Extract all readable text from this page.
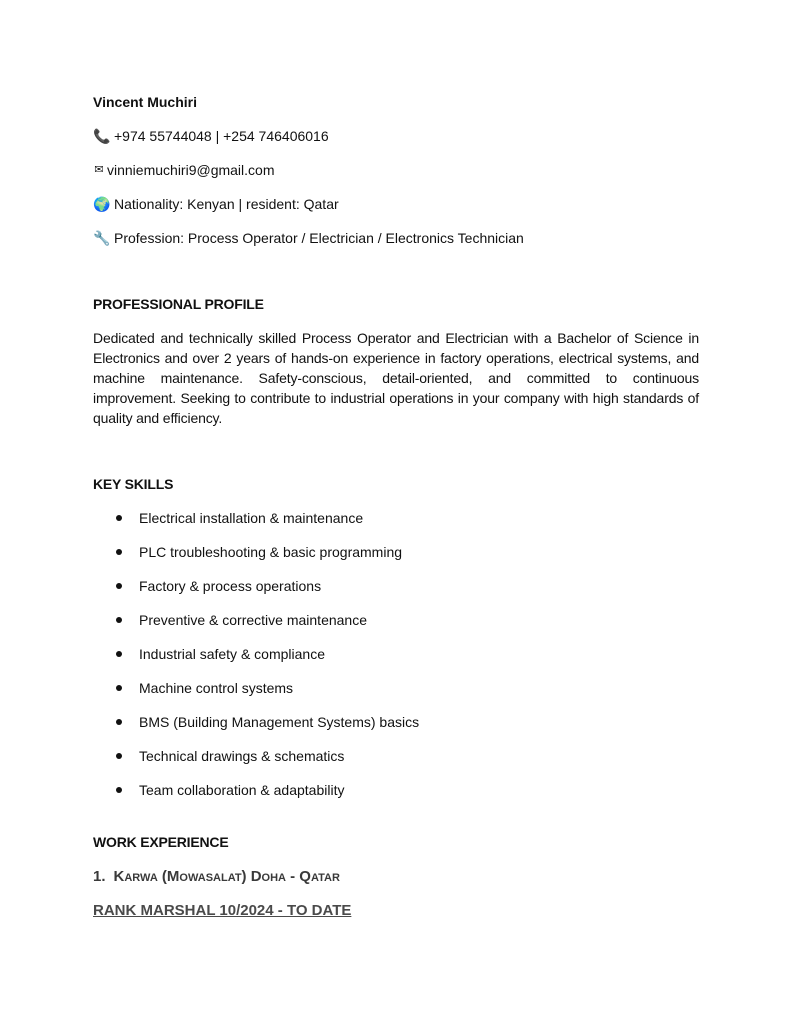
Vincent Muchiri
📞 +974 55744048 | +254 746406016
✉ vinniemuchiri9@gmail.com
🌍 Nationality: Kenyan | resident: Qatar
🔧 Profession: Process Operator / Electrician / Electronics Technician
PROFESSIONAL PROFILE
Dedicated and technically skilled Process Operator and Electrician with a Bachelor of Science in Electronics and over 2 years of hands-on experience in factory operations, electrical systems, and machine maintenance. Safety-conscious, detail-oriented, and committed to continuous improvement. Seeking to contribute to industrial operations in your company with high standards of quality and efficiency.
KEY SKILLS
Electrical installation & maintenance
PLC troubleshooting & basic programming
Factory & process operations
Preventive & corrective maintenance
Industrial safety & compliance
Machine control systems
BMS (Building Management Systems) basics
Technical drawings & schematics
Team collaboration & adaptability
WORK EXPERIENCE
1. Karwa (Mowasalat) Doha - Qatar
RANK MARSHAL 10/2024 - TO DATE
